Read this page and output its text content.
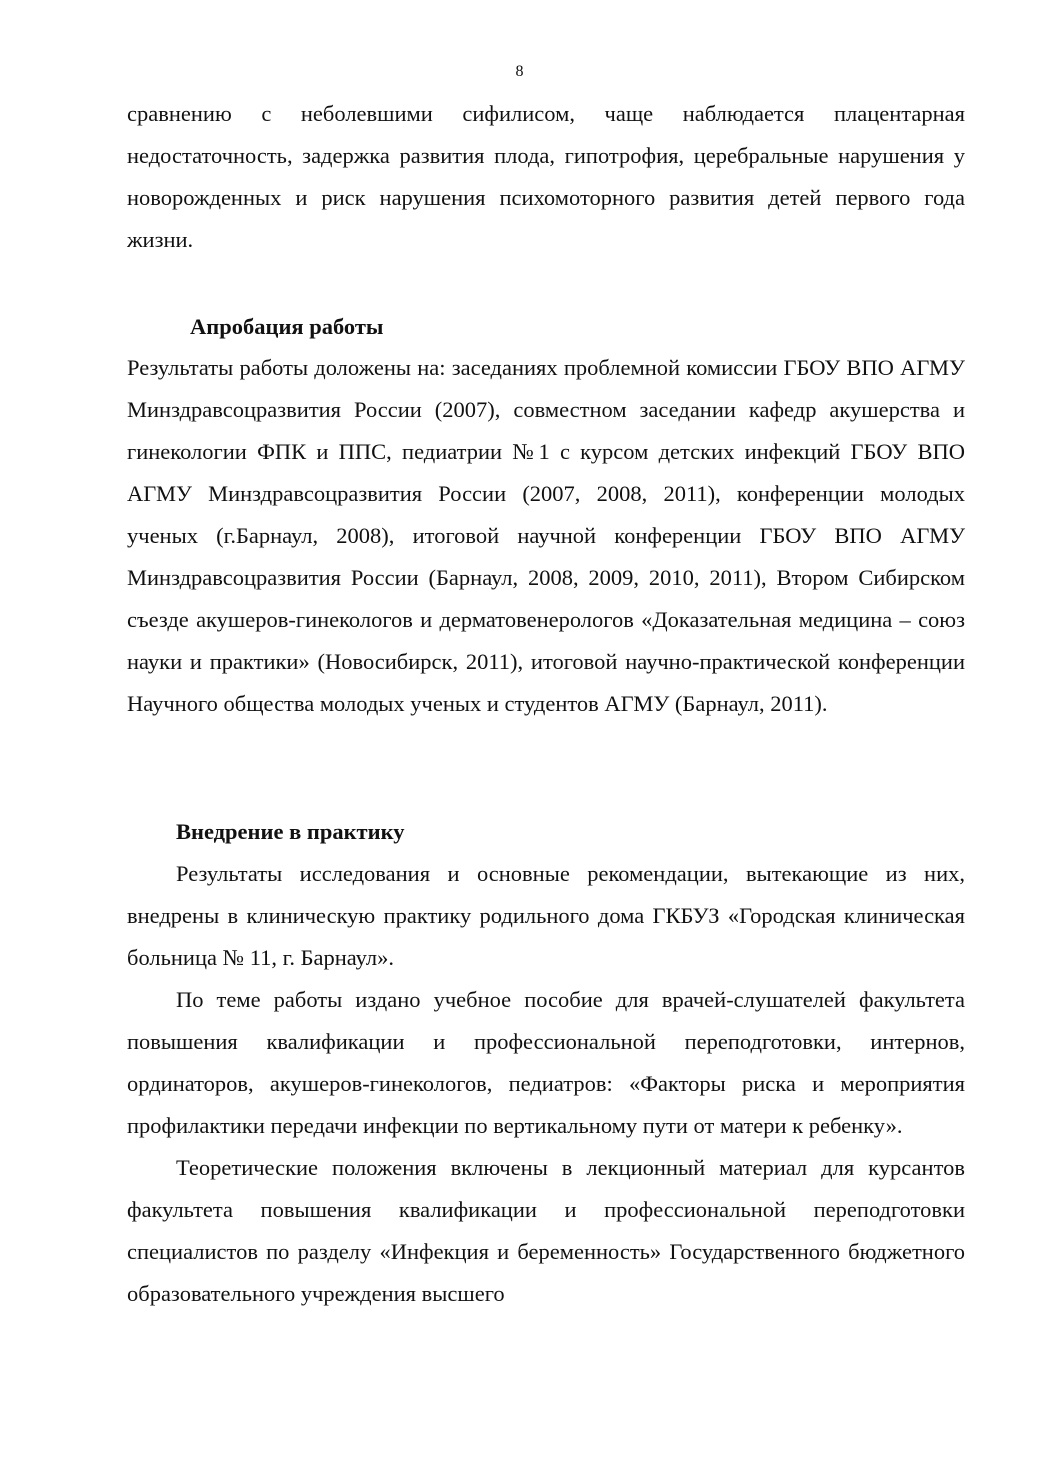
8

сравнению с неболевшими сифилисом, чаще наблюдается плацентарная недостаточность, задержка развития плода, гипотрофия, церебральные нарушения у новорожденных и риск нарушения психомоторного развития детей первого года жизни.

Апробация работы

Результаты работы доложены на: заседаниях проблемной комиссии ГБОУ ВПО АГМУ Минздравсоцразвития России (2007), совместном заседании кафедр акушерства и гинекологии ФПК и ППС, педиатрии №1 с курсом детских инфекций ГБОУ ВПО АГМУ Минздравсоцразвития России (2007, 2008, 2011), конференции молодых ученых (г.Барнаул, 2008), итоговой научной конференции ГБОУ ВПО АГМУ Минздравсоцразвития России (Барнаул, 2008, 2009, 2010, 2011), Втором Сибирском съезде акушеров-гинекологов и дерматовенерологов «Доказательная медицина – союз науки и практики» (Новосибирск, 2011), итоговой научно-практической конференции Научного общества молодых ученых и студентов АГМУ (Барнаул, 2011).

Внедрение в практику

Результаты исследования и основные рекомендации, вытекающие из них, внедрены в клиническую практику родильного дома ГКБУЗ «Городская клиническая больница № 11, г. Барнаул».

По теме работы издано учебное пособие для врачей-слушателей факультета повышения квалификации и профессиональной переподготовки, интернов, ординаторов, акушеров-гинекологов, педиатров: «Факторы риска и мероприятия профилактики передачи инфекции по вертикальному пути от матери к ребенку».

Теоретические положения включены в лекционный материал для курсантов факультета повышения квалификации и профессиональной переподготовки специалистов по разделу «Инфекция и беременность» Государственного бюджетного образовательного учреждения высшего
